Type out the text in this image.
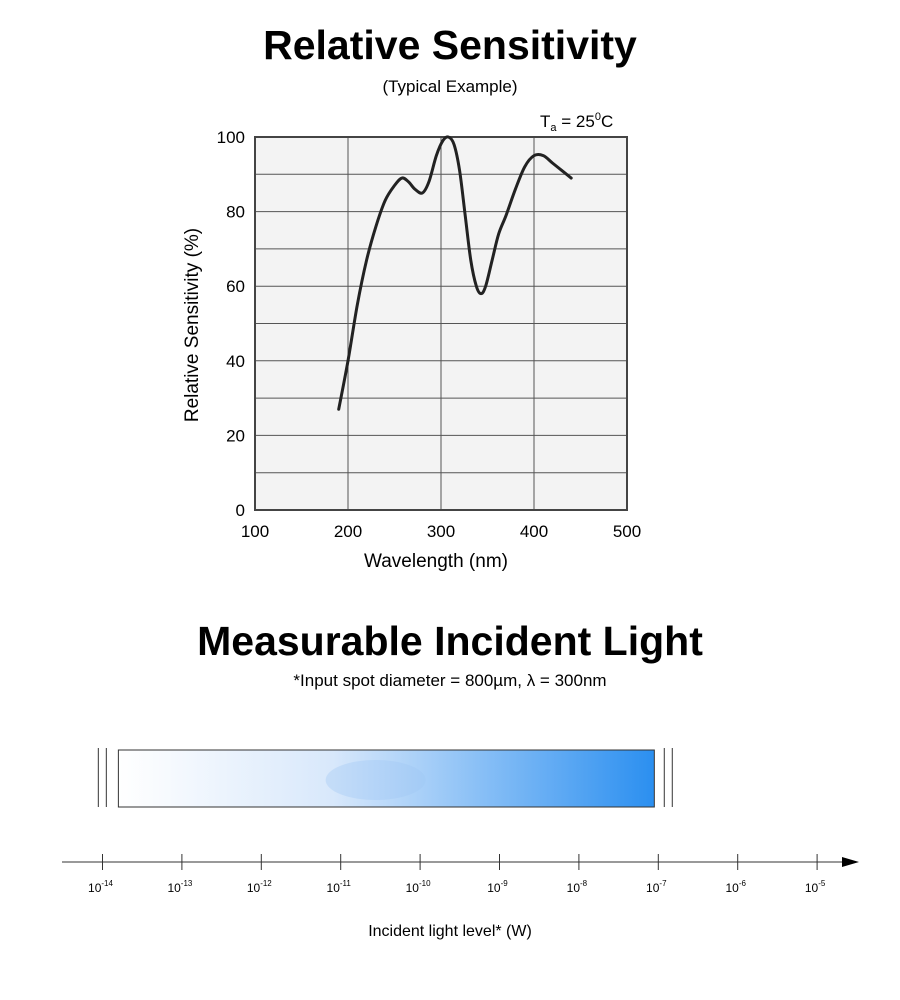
Relative Sensitivity
(Typical Example)
100	200	300	400	500
0
20
40
60
80
100
Wavelength (nm)
Relative Sensitivity (%)
$T_a = 25^0C$
Measurable Incident Light
*Input spot diameter = 800µm, λ = 300nm
$10^{-14}$	$10^{-13}$	$10^{-12}$	$10^{-11}$	$10^{-10}$	$10^{-9}$	$10^{-8}$	$10^{-7}$	$10^{-6}$	$10^{-5}$
Incident light level* (W)
